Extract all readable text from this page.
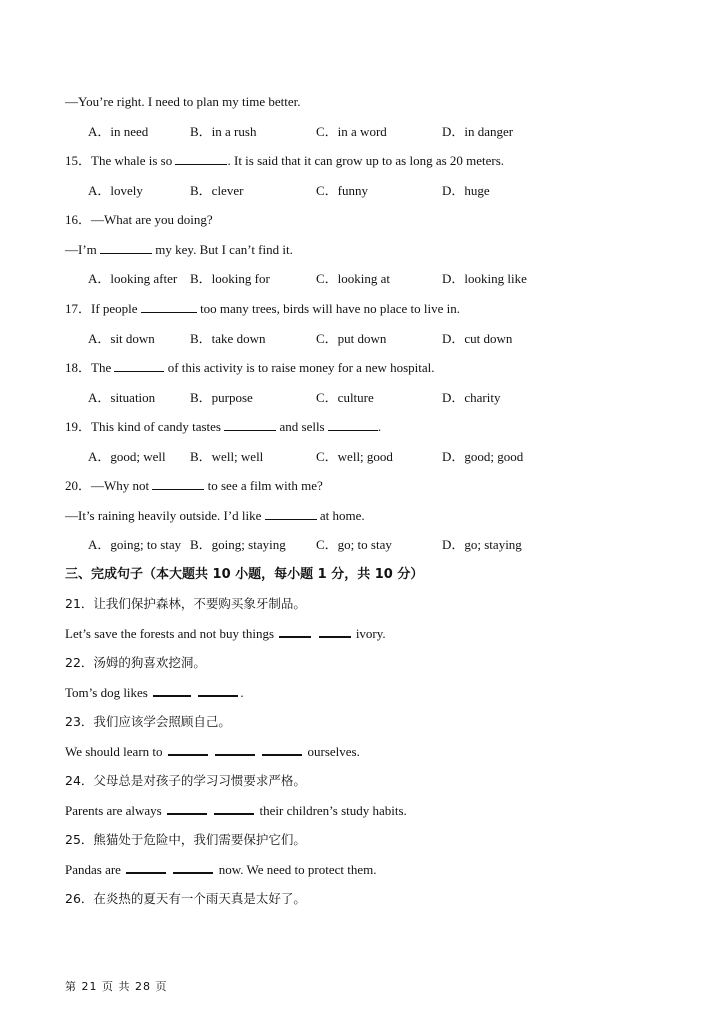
—You’re right. I need to plan my time better.
A．in need	B．in a rush	C．in a word	D．in danger
15．The whale is so	. It is said that it can grow up to as long as 20 meters.
A．lovely	B．clever	C．funny	D．huge
16．—What are you doing?
—I’m	my key. But I can’t find it.
A．looking after B．looking for	C．looking at	D．looking like
17．If people	too many trees, birds will have no place to live in.
A．sit down	B．take down	C．put down	D．cut down
18．The	of this activity is to raise money for a new hospital.
A．situation	B．purpose	C．culture	D．charity
19．This kind of candy tastes	and sells	.
A．good; well B．well; well	C．well; good	D．good; good
20．—Why not	to see a film with me?
—It’s raining heavily outside. I’d like	at home.
A．going; to stay B．going; staying C．go; to stay	D．go; staying
三、完成句子（本大题共 10 小题，每小题 1 分，共 10 分）
21．让我们保护森林，不要购买象牙制品。
Let’s save the forests and not buy things	ivory.
22．汤姆的狗喜欢挖洞。
Tom’s dog likes	.
23．我们应该学会照顾自己。
We should learn to	ourselves.
24．父母总是对孩子的学习习惯要求严格。
Parents are always	their children’s study habits.
25．熊猫处于危险中，我们需要保护它们。
Pandas are	now. We need to protect them.
26．在炎热的夏天有一个雨天真是太好了。
第 21 页 共 28 页
